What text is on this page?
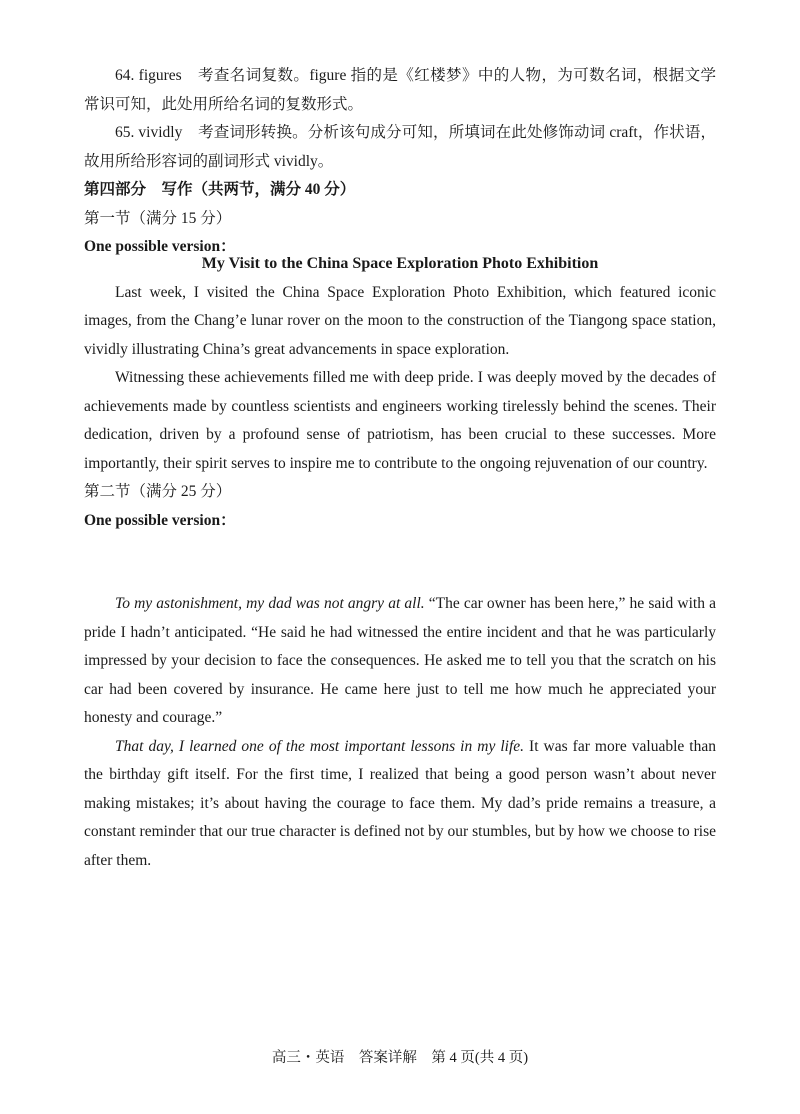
64. figures　考查名词复数。figure 指的是《红楼梦》中的人物，为可数名词，根据文学常识可知，此处用所给名词的复数形式。

65. vividly　考查词形转换。分析该句成分可知，所填词在此处修饰动词 craft，作状语，故用所给形容词的副词形式 vividly。

第四部分　写作（共两节，满分 40 分）

第一节（满分 15 分）

One possible version：

My Visit to the China Space Exploration Photo Exhibition

Last week, I visited the China Space Exploration Photo Exhibition, which featured iconic images, from the Chang’e lunar rover on the moon to the construction of the Tiangong space station, vividly illustrating China’s great advancements in space exploration.

Witnessing these achievements filled me with deep pride. I was deeply moved by the decades of achievements made by countless scientists and engineers working tirelessly behind the scenes. Their dedication, driven by a profound sense of patriotism, has been crucial to these successes. More importantly, their spirit serves to inspire me to contribute to the ongoing rejuvenation of our country.

第二节（满分 25 分）

One possible version：

To my astonishment, my dad was not angry at all. “The car owner has been here,” he said with a pride I hadn’t anticipated. “He said he had witnessed the entire incident and that he was particularly impressed by your decision to face the consequences. He asked me to tell you that the scratch on his car had been covered by insurance. He came here just to tell me how much he appreciated your honesty and courage.”

That day, I learned one of the most important lessons in my life. It was far more valuable than the birthday gift itself. For the first time, I realized that being a good person wasn’t about never making mistakes; it’s about having the courage to face them. My dad’s pride remains a treasure, a constant reminder that our true character is defined not by our stumbles, but by how we choose to rise after them.

高三・英语　答案详解　第 4 页(共 4 页)
